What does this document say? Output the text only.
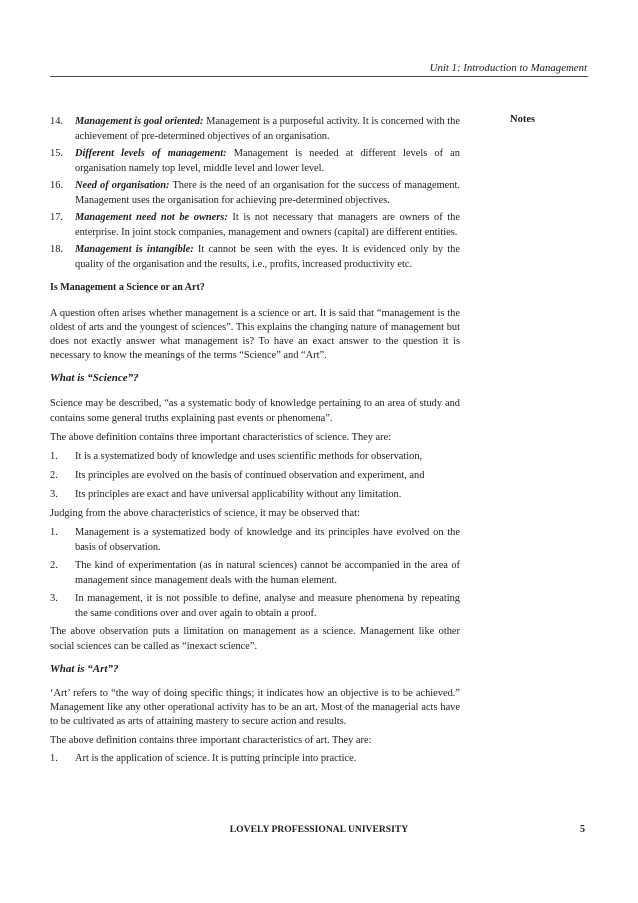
Unit 1: Introduction to Management
Notes
14. Management is goal oriented: Management is a purposeful activity. It is concerned with the achievement of pre-determined objectives of an organisation.
15. Different levels of management: Management is needed at different levels of an organisation namely top level, middle level and lower level.
16. Need of organisation: There is the need of an organisation for the success of management. Management uses the organisation for achieving pre-determined objectives.
17. Management need not be owners: It is not necessary that managers are owners of the enterprise. In joint stock companies, management and owners (capital) are different entities.
18. Management is intangible: It cannot be seen with the eyes. It is evidenced only by the quality of the organisation and the results, i.e., profits, increased productivity etc.
Is Management a Science or an Art?

A question often arises whether management is a science or art. It is said that “management is the oldest of arts and the youngest of sciences”. This explains the changing nature of management but does not exactly answer what management is? To have an exact answer to the question it is necessary to know the meanings of the terms “Science” and “Art”.

What is “Science”?

Science may be described, “as a systematic body of knowledge pertaining to an area of study and contains some general truths explaining past events or phenomena”.

The above definition contains three important characteristics of science. They are:

1. It is a systematized body of knowledge and uses scientific methods for observation,
2. Its principles are evolved on the basis of continued observation and experiment, and
3. Its principles are exact and have universal applicability without any limitation.

Judging from the above characteristics of science, it may be observed that:

1. Management is a systematized body of knowledge and its principles have evolved on the basis of observation.
2. The kind of experimentation (as in natural sciences) cannot be accompanied in the area of management since management deals with the human element.
3. In management, it is not possible to define, analyse and measure phenomena by repeating the same conditions over and over again to obtain a proof.

The above observation puts a limitation on management as a science. Management like other social sciences can be called as “inexact science”.

What is “Art”?

‘Art’ refers to “the way of doing specific things; it indicates how an objective is to be achieved.” Management like any other operational activity has to be an art. Most of the managerial acts have to be cultivated as arts of attaining mastery to secure action and results.

The above definition contains three important characteristics of art. They are:

1. Art is the application of science. It is putting principle into practice.
LOVELY PROFESSIONAL UNIVERSITY	5
